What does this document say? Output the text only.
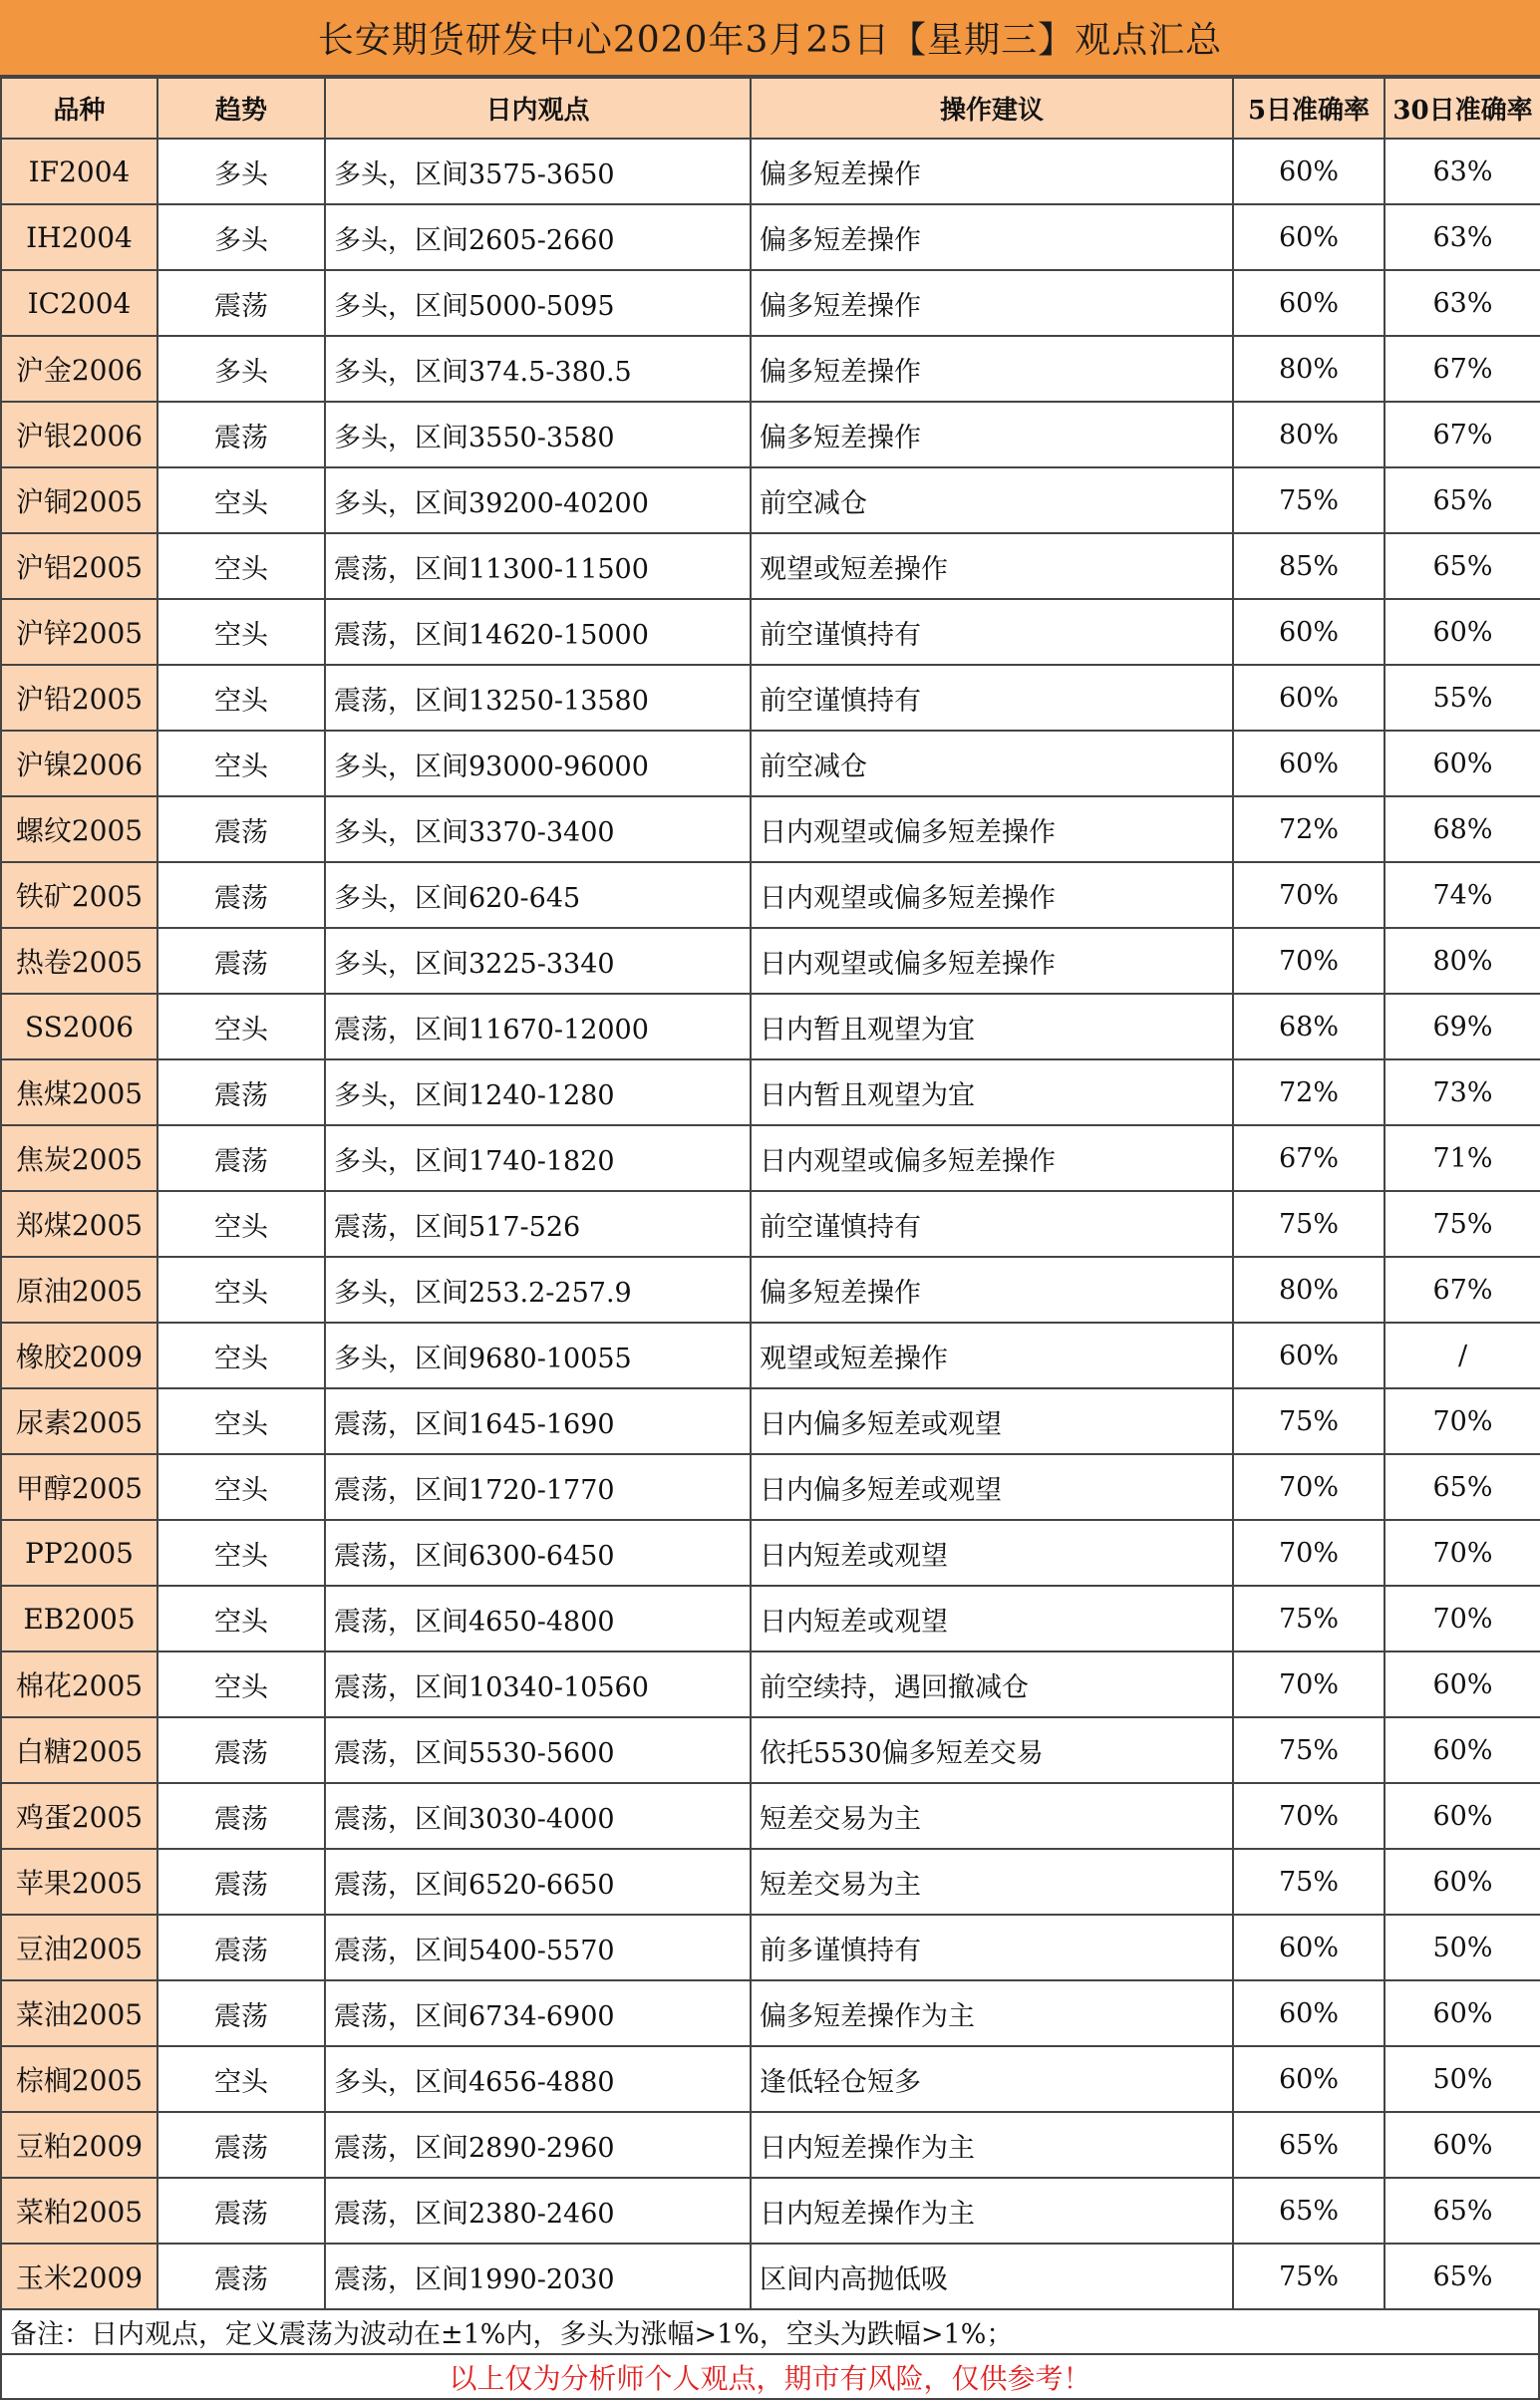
长安期货研发中心2020年3月25日【星期三】观点汇总
品种	趋势	日内观点	操作建议	5日准确率	30日准确率
IF2004	多头	多头，区间3575-3650	偏多短差操作	60%	63%
IH2004	多头	多头，区间2605-2660	偏多短差操作	60%	63%
IC2004	震荡	多头，区间5000-5095	偏多短差操作	60%	63%
沪金2006	多头	多头，区间374.5-380.5	偏多短差操作	80%	67%
沪银2006	震荡	多头，区间3550-3580	偏多短差操作	80%	67%
沪铜2005	空头	多头，区间39200-40200	前空减仓	75%	65%
沪铝2005	空头	震荡，区间11300-11500	观望或短差操作	85%	65%
沪锌2005	空头	震荡，区间14620-15000	前空谨慎持有	60%	60%
沪铅2005	空头	震荡，区间13250-13580	前空谨慎持有	60%	55%
沪镍2006	空头	多头，区间93000-96000	前空减仓	60%	60%
螺纹2005	震荡	多头，区间3370-3400	日内观望或偏多短差操作	72%	68%
铁矿2005	震荡	多头，区间620-645	日内观望或偏多短差操作	70%	74%
热卷2005	震荡	多头，区间3225-3340	日内观望或偏多短差操作	70%	80%
SS2006	空头	震荡，区间11670-12000	日内暂且观望为宜	68%	69%
焦煤2005	震荡	多头，区间1240-1280	日内暂且观望为宜	72%	73%
焦炭2005	震荡	多头，区间1740-1820	日内观望或偏多短差操作	67%	71%
郑煤2005	空头	震荡，区间517-526	前空谨慎持有	75%	75%
原油2005	空头	多头，区间253.2-257.9	偏多短差操作	80%	67%
橡胶2009	空头	多头，区间9680-10055	观望或短差操作	60%	/
尿素2005	空头	震荡，区间1645-1690	日内偏多短差或观望	75%	70%
甲醇2005	空头	震荡，区间1720-1770	日内偏多短差或观望	70%	65%
PP2005	空头	震荡，区间6300-6450	日内短差或观望	70%	70%
EB2005	空头	震荡，区间4650-4800	日内短差或观望	75%	70%
棉花2005	空头	震荡，区间10340-10560	前空续持，遇回撤减仓	70%	60%
白糖2005	震荡	震荡，区间5530-5600	依托5530偏多短差交易	75%	60%
鸡蛋2005	震荡	震荡，区间3030-4000	短差交易为主	70%	60%
苹果2005	震荡	震荡，区间6520-6650	短差交易为主	75%	60%
豆油2005	震荡	震荡，区间5400-5570	前多谨慎持有	60%	50%
菜油2005	震荡	震荡，区间6734-6900	偏多短差操作为主	60%	60%
棕榈2005	空头	多头，区间4656-4880	逢低轻仓短多	60%	50%
豆粕2009	震荡	震荡，区间2890-2960	日内短差操作为主	65%	60%
菜粕2005	震荡	震荡，区间2380-2460	日内短差操作为主	65%	65%
玉米2009	震荡	震荡，区间1990-2030	区间内高抛低吸	75%	65%
备注：日内观点，定义震荡为波动在±1%内，多头为涨幅>1%，空头为跌幅>1%；
以上仅为分析师个人观点，期市有风险，仅供参考！
